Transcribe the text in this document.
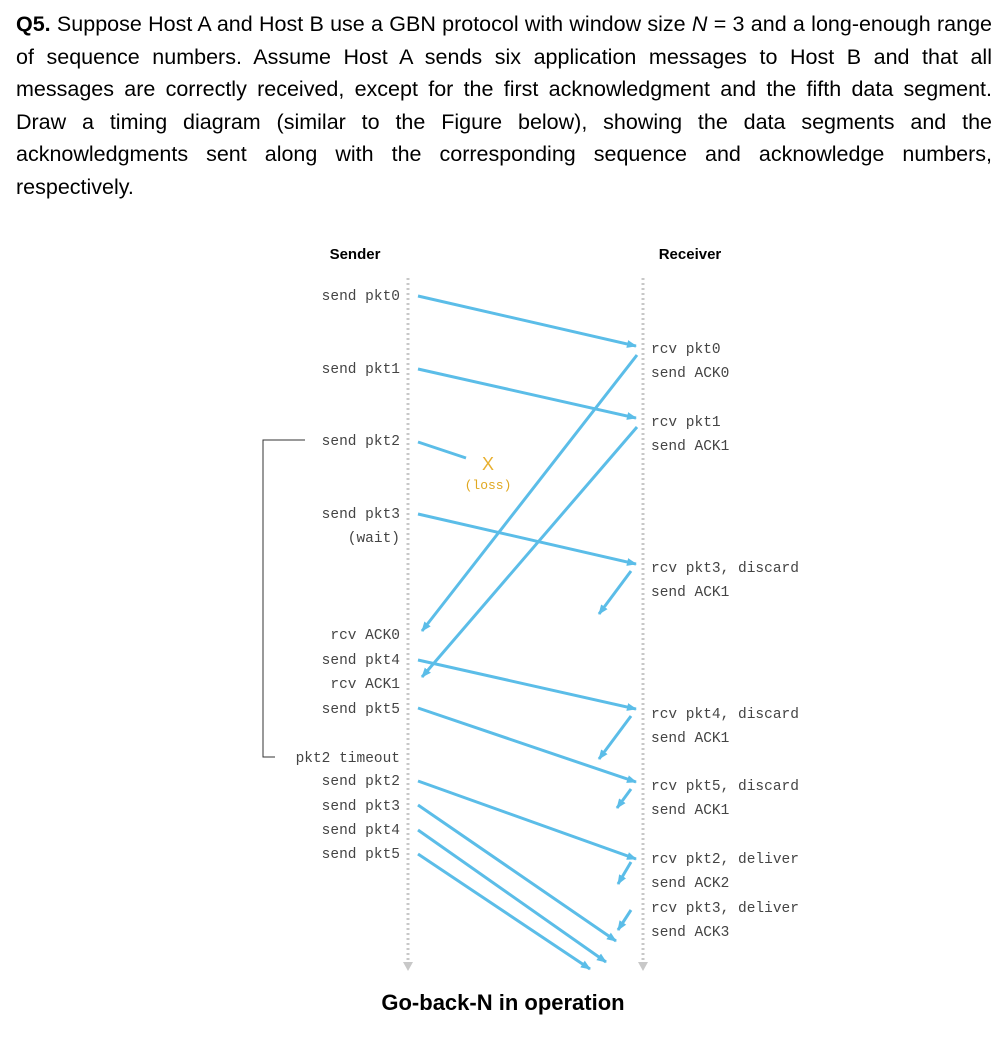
Q5. Suppose Host A and Host B use a GBN protocol with window size N = 3 and a long-enough range of sequence numbers. Assume Host A sends six application messages to Host B and that all messages are correctly received, except for the first acknowledgment and the fifth data segment. Draw a timing diagram (similar to the Figure below), showing the data segments and the acknowledgments sent along with the corresponding sequence and acknowledge numbers, respectively.

Sender	Receiver
send pkt0
send pkt1
send pkt2
send pkt3
(wait)
rcv ACK0
send pkt4
rcv ACK1
send pkt5
pkt2 timeout
send pkt2
send pkt3
send pkt4
send pkt5
rcv pkt0
send ACK0
rcv pkt1
send ACK1
rcv pkt3, discard
send ACK1
rcv pkt4, discard
send ACK1
rcv pkt5, discard
send ACK1
rcv pkt2, deliver
send ACK2
rcv pkt3, deliver
send ACK3
X
(loss)
Go-back-N in operation
